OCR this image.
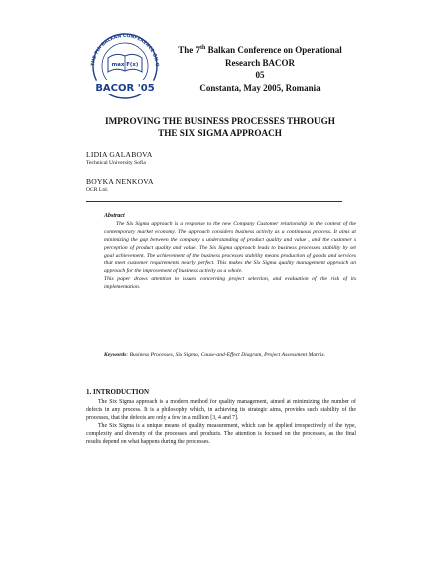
THE 7th BALKAN CONFERENCE ON O
max F(x)
BACOR '05
The 7th Balkan Conference on Operational
Research BACOR
05
Constanta, May 2005, Romania
IMPROVING THE BUSINESS PROCESSES THROUGH
THE SIX SIGMA APPROACH
LIDIA GALABOVA
Technical University Sofia
BOYKA NENKOVA
OCR Ltd.
Abstract

The Six Sigma approach is a response to the new Company Customer relationship in the context of the contemporary market economy. The approach considers business activity as a continuous process. It aims at minimizing the gap between the company s understanding of product quality and value , and the customer s perception of product quality and value. The Six Sigma approach leads to business processes stability by set goal achievement. The achievement of the business processes stability means production of goods and services that meet customer requirements nearly perfect. This makes the Six Sigma quality management approach an approach for the improvement of business activity as a whole.

This paper draws attention to issues concerning project selection, and evaluation of the risk of its implementation.

Keywords: Business Processes, Six Sigma, Cause-and-Effect Diagram, Project Assessment Matrix.
1. INTRODUCTION

The Six Sigma approach is a modern method for quality management, aimed at minimizing the number of defects in any process. It is a philosophy which, in achieving its strategic aims, provides such stability of the processes, that the defects are only a few in a million [3, 4 and 7].

The Six Sigma is a unique means of quality measurement, which can be applied irrespectively of the type, complexity and diversity of the processes and products. The attention is focused on the processes, as the final results depend on what happens during the processes.
